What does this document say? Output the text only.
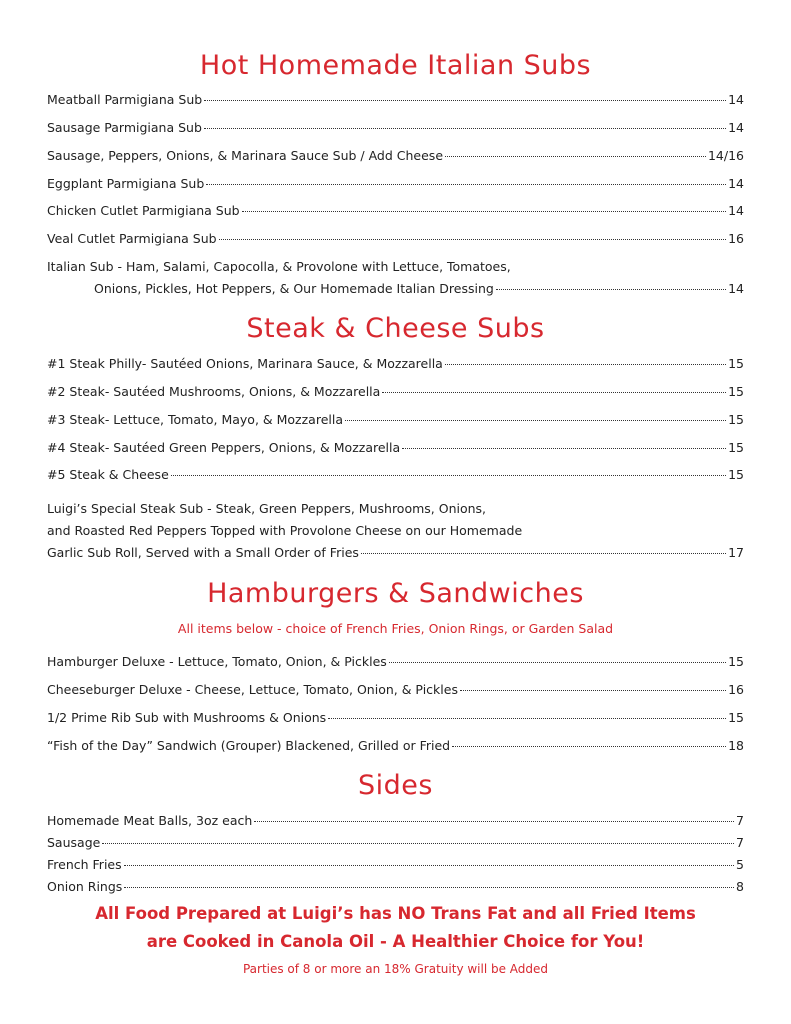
Hot Homemade Italian Subs
Meatball Parmigiana Sub	14
Sausage Parmigiana Sub	14
Sausage, Peppers, Onions, & Marinara Sauce Sub / Add Cheese	14/16
Eggplant Parmigiana Sub	14
Chicken Cutlet Parmigiana Sub	14
Veal Cutlet Parmigiana Sub	16
Italian Sub - Ham, Salami, Capocolla, & Provolone with Lettuce, Tomatoes,
Onions, Pickles, Hot Peppers, & Our Homemade Italian Dressing	14
Steak & Cheese Subs
#1 Steak Philly- Sautéed Onions, Marinara Sauce, & Mozzarella	15
#2 Steak- Sautéed Mushrooms, Onions, & Mozzarella	15
#3 Steak- Lettuce, Tomato, Mayo, & Mozzarella	15
#4 Steak- Sautéed Green Peppers, Onions, & Mozzarella	15
#5 Steak & Cheese	15
Luigi’s Special Steak Sub - Steak, Green Peppers, Mushrooms, Onions,
and Roasted Red Peppers Topped with Provolone Cheese on our Homemade
Garlic Sub Roll, Served with a Small Order of Fries	17
Hamburgers & Sandwiches
All items below - choice of French Fries, Onion Rings, or Garden Salad
Hamburger Deluxe - Lettuce, Tomato, Onion, & Pickles	15
Cheeseburger Deluxe - Cheese, Lettuce, Tomato, Onion, & Pickles	16
1/2 Prime Rib Sub with Mushrooms & Onions	15
“Fish of the Day” Sandwich (Grouper) Blackened, Grilled or Fried	18
Sides
Homemade Meat Balls, 3oz each	7
Sausage	7
French Fries	5
Onion Rings	8
All Food Prepared at Luigi’s has NO Trans Fat and all Fried Items
are Cooked in Canola Oil - A Healthier Choice for You!
Parties of 8 or more an 18% Gratuity will be Added
